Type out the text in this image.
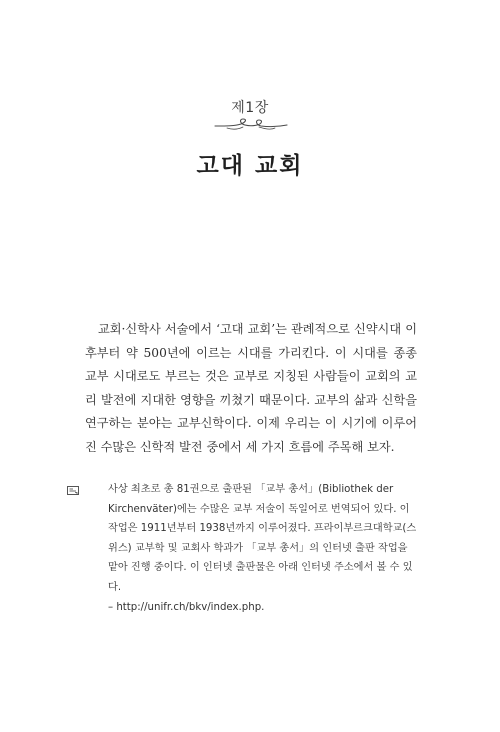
제1장
고대 교회

교회·신학사 서술에서 ‘고대 교회’는 관례적으로 신약시대 이후부터 약 500년에 이르는 시대를 가리킨다. 이 시대를 종종 교부 시대로도 부르는 것은 교부로 지칭된 사람들이 교회의 교리 발전에 지대한 영향을 끼쳤기 때문이다. 교부의 삶과 신학을 연구하는 분야는 교부신학이다. 이제 우리는 이 시기에 이루어진 수많은 신학적 발전 중에서 세 가지 흐름에 주목해 보자.

사상 최초로 총 81권으로 출판된 「교부 총서」(Bibliothek der Kirchenväter)에는 수많은 교부 저술이 독일어로 번역되어 있다. 이 작업은 1911년부터 1938년까지 이루어졌다. 프라이부르크대학교(스위스) 교부학 및 교회사 학과가 「교부 총서」의 인터넷 출판 작업을 맡아 진행 중이다. 이 인터넷 출판물은 아래 인터넷 주소에서 볼 수 있다.

– http://unifr.ch/bkv/index.php.
